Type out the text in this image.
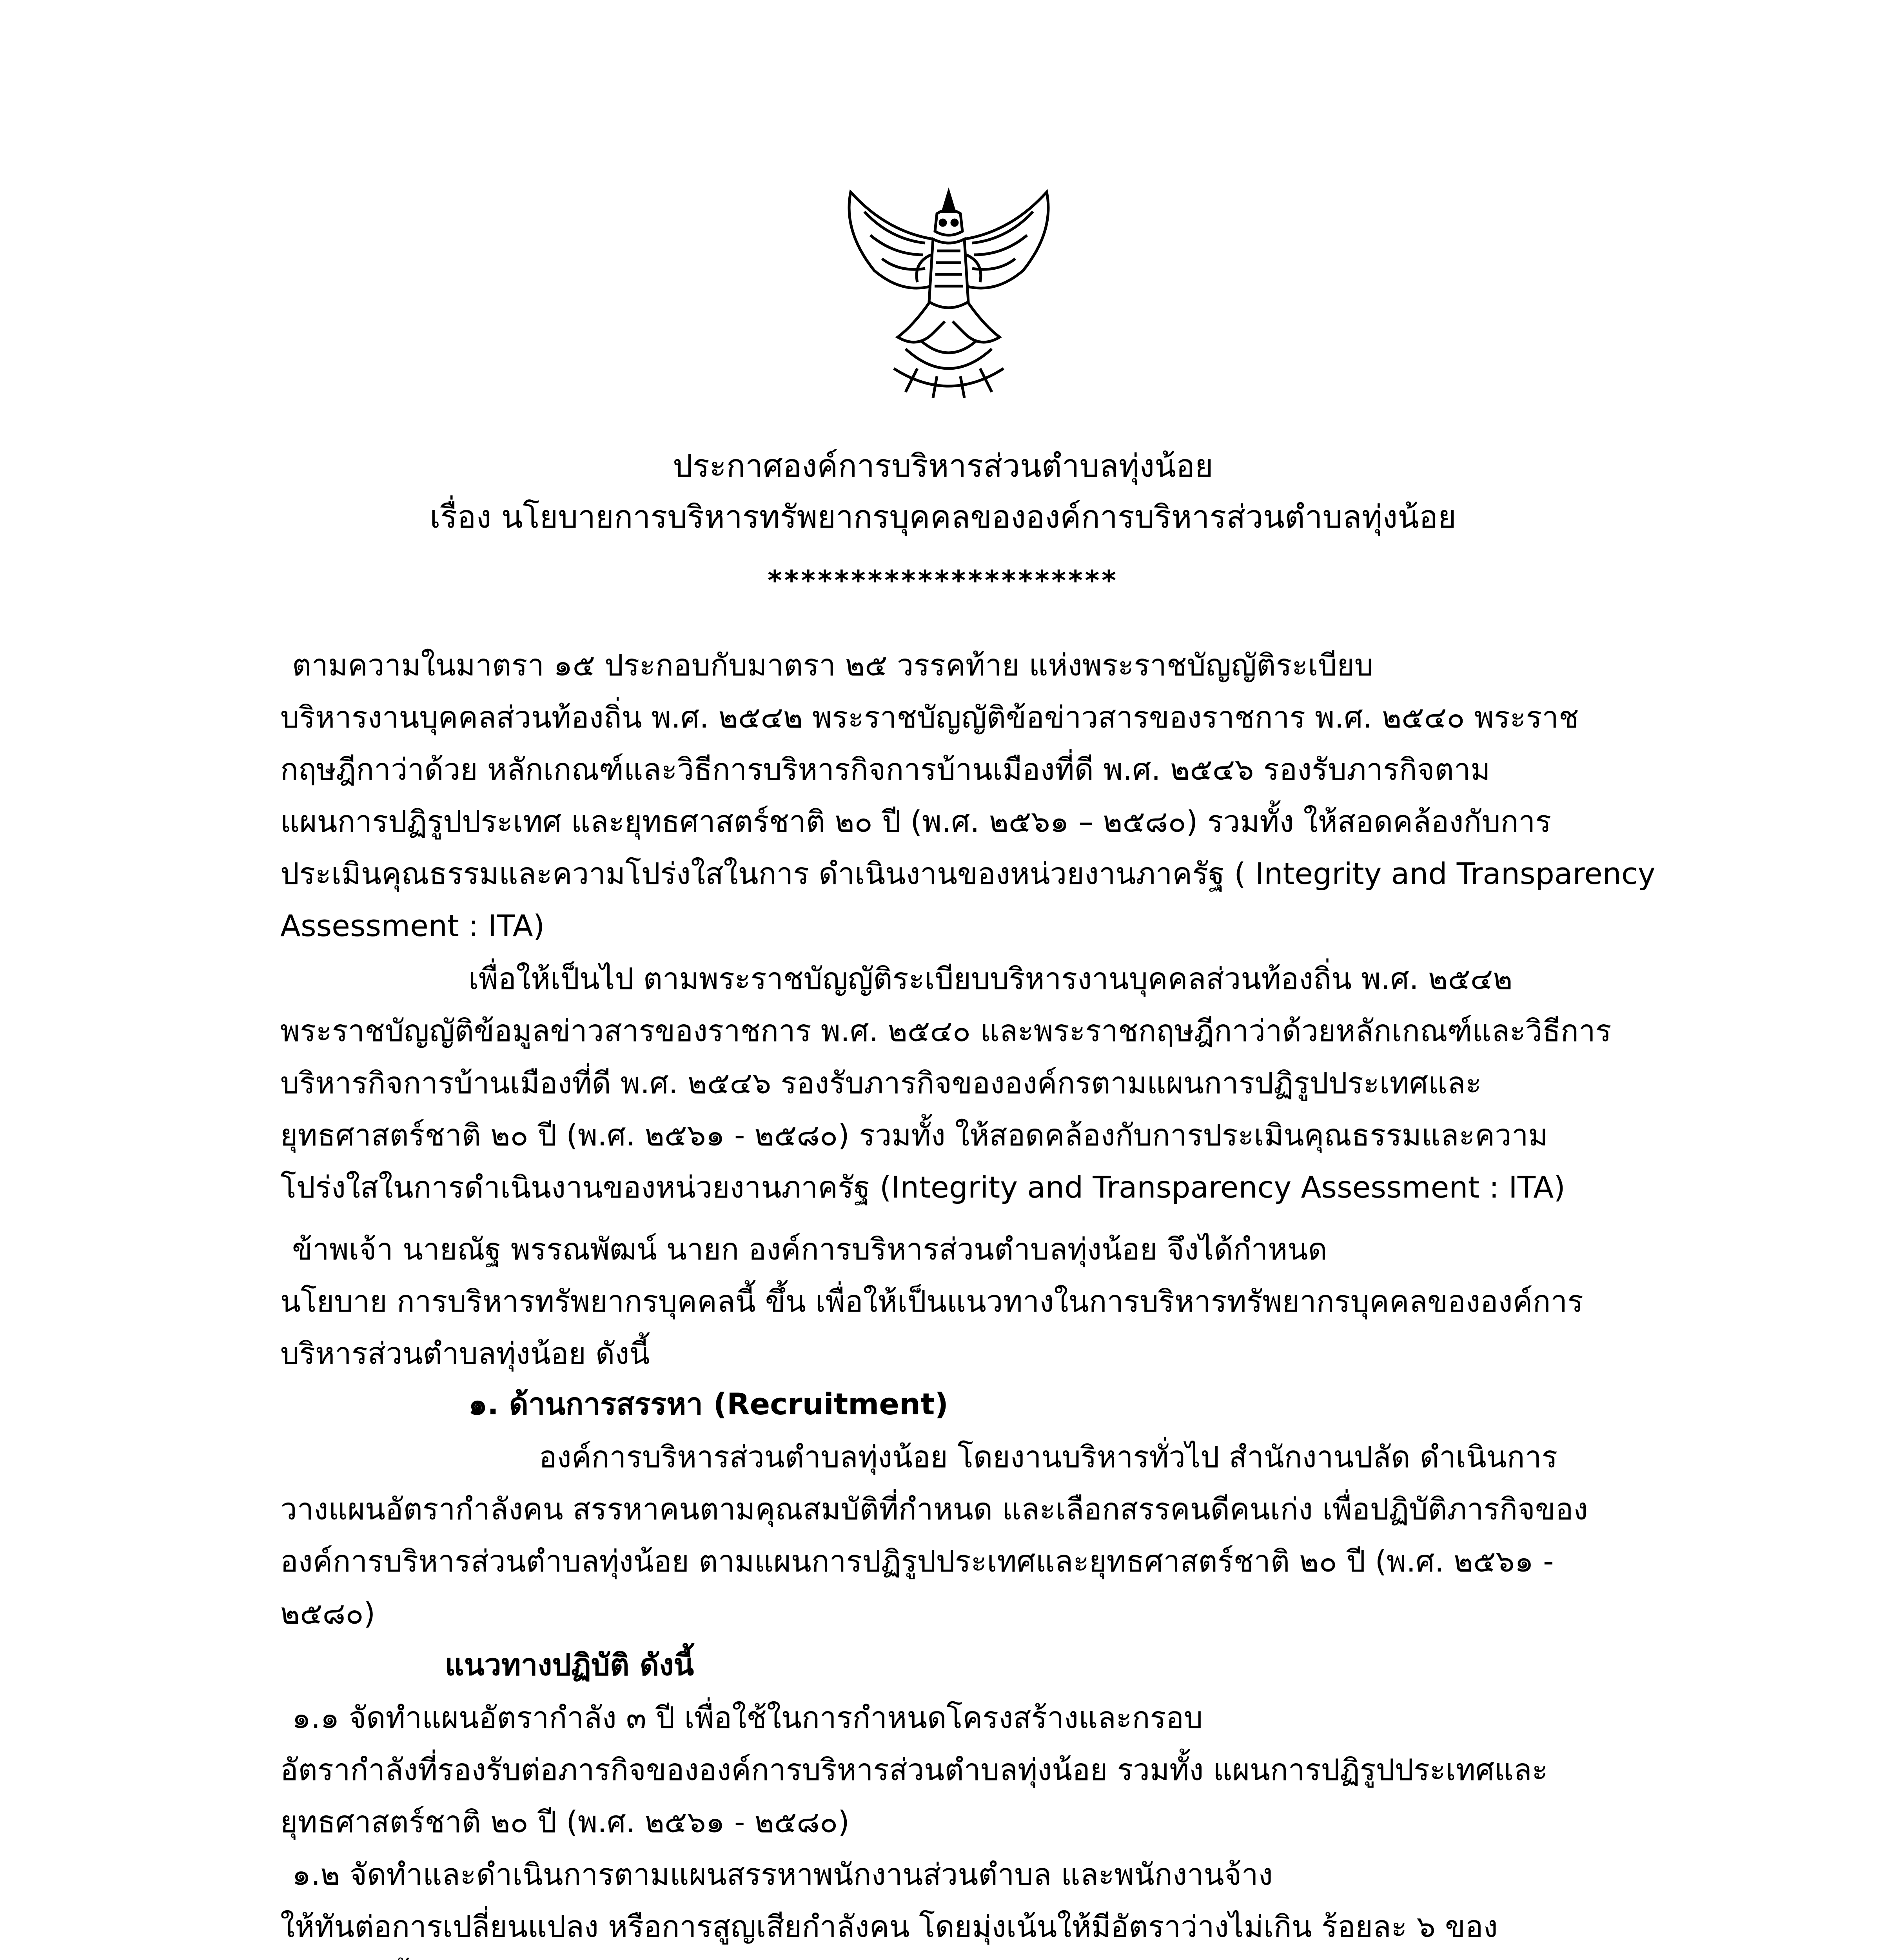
ประกาศองค์การบริหารส่วนตำบลทุ่งน้อย
เรื่อง นโยบายการบริหารทรัพยากรบุคคลขององค์การบริหารส่วนตำบลทุ่งน้อย
*********************

ตามความในมาตรา ๑๕ ประกอบกับมาตรา ๒๕ วรรคท้าย แห่งพระราชบัญญัติระเบียบ

บริหารงานบุคคลส่วนท้องถิ่น พ.ศ. ๒๕๔๒ พระราชบัญญัติข้อข่าวสารของราชการ พ.ศ. ๒๕๔๐ พระราช

กฤษฎีกาว่าด้วย หลักเกณฑ์และวิธีการบริหารกิจการบ้านเมืองที่ดี พ.ศ. ๒๕๔๖ รองรับภารกิจตาม

แผนการปฏิรูปประเทศ และยุทธศาสตร์ชาติ ๒๐ ปี (พ.ศ. ๒๕๖๑ – ๒๕๘๐) รวมทั้ง ให้สอดคล้องกับการ

ประเมินคุณธรรมและความโปร่งใสในการ ดำเนินงานของหน่วยงานภาครัฐ ( Integrity and Transparency

Assessment : ITA)

เพื่อให้เป็นไป ตามพระราชบัญญัติระเบียบบริหารงานบุคคลส่วนท้องถิ่น พ.ศ. ๒๕๔๒

พระราชบัญญัติข้อมูลข่าวสารของราชการ พ.ศ. ๒๕๔๐ และพระราชกฤษฎีกาว่าด้วยหลักเกณฑ์และวิธีการ

บริหารกิจการบ้านเมืองที่ดี พ.ศ. ๒๕๔๖ รองรับภารกิจขององค์กรตามแผนการปฏิรูปประเทศและ

ยุทธศาสตร์ชาติ ๒๐ ปี (พ.ศ. ๒๕๖๑ - ๒๕๘๐) รวมทั้ง ให้สอดคล้องกับการประเมินคุณธรรมและความ

โปร่งใสในการดำเนินงานของหน่วยงานภาครัฐ (Integrity and Transparency Assessment : ITA)

ข้าพเจ้า นายณัฐ พรรณพัฒน์ นายก องค์การบริหารส่วนตำบลทุ่งน้อย จึงได้กำหนด

นโยบาย การบริหารทรัพยากรบุคคลนี้ ขึ้น เพื่อให้เป็นแนวทางในการบริหารทรัพยากรบุคคลขององค์การ

บริหารส่วนตำบลทุ่งน้อย ดังนี้

๑. ด้านการสรรหา (Recruitment)

องค์การบริหารส่วนตำบลทุ่งน้อย โดยงานบริหารทั่วไป สำนักงานปลัด ดำเนินการ

วางแผนอัตรากำลังคน สรรหาคนตามคุณสมบัติที่กำหนด และเลือกสรรคนดีคนเก่ง เพื่อปฏิบัติภารกิจของ

องค์การบริหารส่วนตำบลทุ่งน้อย ตามแผนการปฏิรูปประเทศและยุทธศาสตร์ชาติ ๒๐ ปี (พ.ศ. ๒๕๖๑ -

๒๕๘๐)

แนวทางปฏิบัติ ดังนี้

๑.๑ จัดทำแผนอัตรากำลัง ๓ ปี เพื่อใช้ในการกำหนดโครงสร้างและกรอบ

อัตรากำลังที่รองรับต่อภารกิจขององค์การบริหารส่วนตำบลทุ่งน้อย รวมทั้ง แผนการปฏิรูปประเทศและ

ยุทธศาสตร์ชาติ ๒๐ ปี (พ.ศ. ๒๕๖๑ - ๒๕๘๐)

๑.๒ จัดทำและดำเนินการตามแผนสรรหาพนักงานส่วนตำบล และพนักงานจ้าง

ให้ทันต่อการเปลี่ยนแปลง หรือการสูญเสียกำลังคน โดยมุ่งเน้นให้มีอัตราว่างไม่เกิน ร้อยละ ๖ ของ
